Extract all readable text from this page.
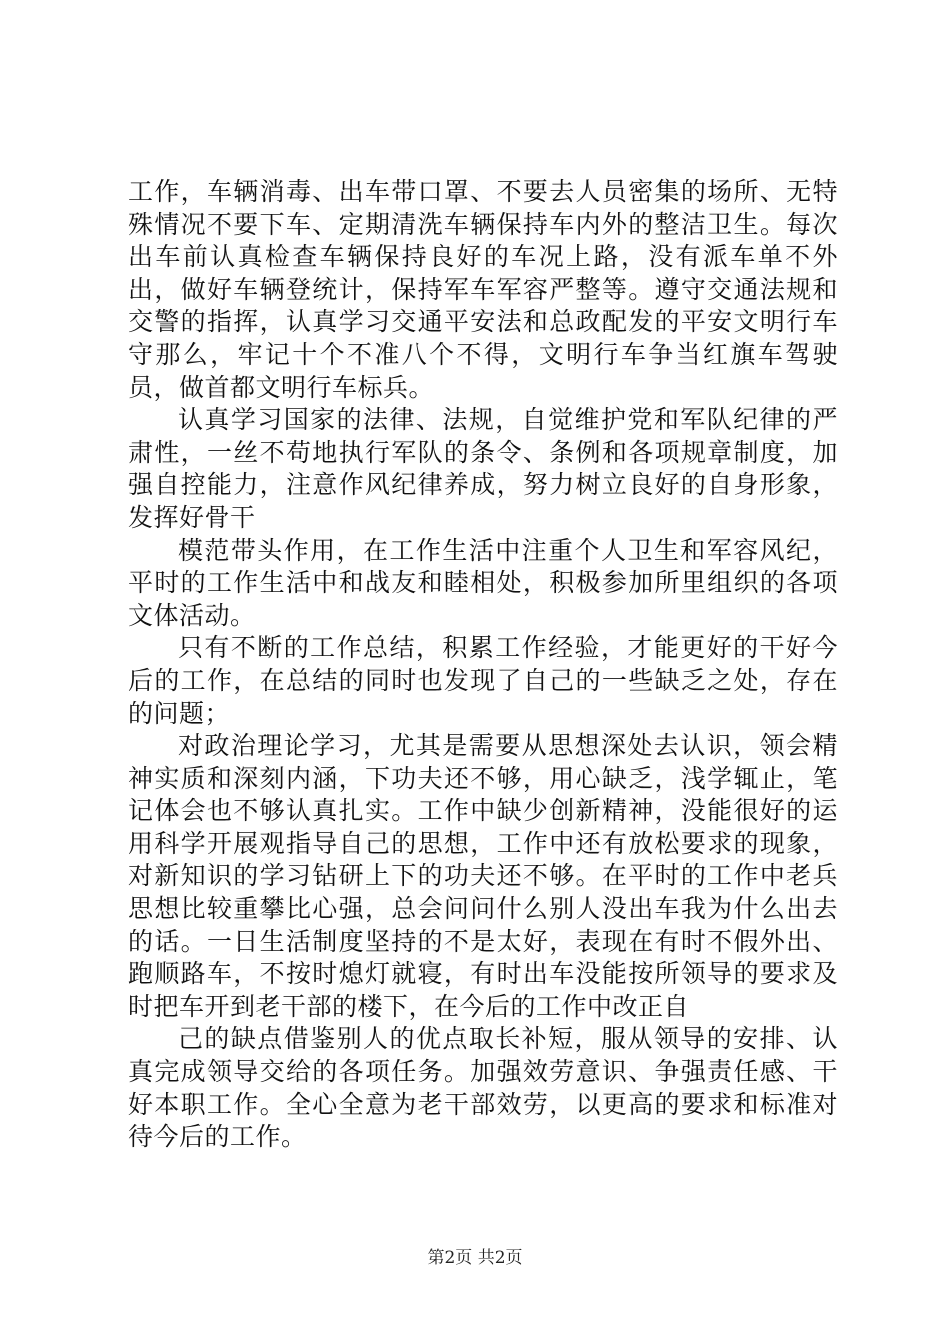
工作，车辆消毒、出车带口罩、不要去人员密集的场所、无特殊情况不要下车、定期清洗车辆保持车内外的整洁卫生。每次出车前认真检查车辆保持良好的车况上路，没有派车单不外出，做好车辆登统计，保持军车军容严整等。遵守交通法规和交警的指挥，认真学习交通平安法和总政配发的平安文明行车守那么，牢记十个不准八个不得，文明行车争当红旗车驾驶员，做首都文明行车标兵。

认真学习国家的法律、法规，自觉维护党和军队纪律的严肃性，一丝不苟地执行军队的条令、条例和各项规章制度，加强自控能力，注意作风纪律养成，努力树立良好的自身形象，发挥好骨干

模范带头作用，在工作生活中注重个人卫生和军容风纪，平时的工作生活中和战友和睦相处，积极参加所里组织的各项文体活动。

只有不断的工作总结，积累工作经验，才能更好的干好今后的工作，在总结的同时也发现了自己的一些缺乏之处，存在的问题；

对政治理论学习，尤其是需要从思想深处去认识，领会精神实质和深刻内涵，下功夫还不够，用心缺乏，浅学辄止，笔记体会也不够认真扎实。工作中缺少创新精神，没能很好的运用科学开展观指导自己的思想，工作中还有放松要求的现象，对新知识的学习钻研上下的功夫还不够。在平时的工作中老兵思想比较重攀比心强，总会问问什么别人没出车我为什么出去的话。一日生活制度坚持的不是太好，表现在有时不假外出、跑顺路车，不按时熄灯就寝，有时出车没能按所领导的要求及时把车开到老干部的楼下，在今后的工作中改正自

己的缺点借鉴别人的优点取长补短，服从领导的安排、认真完成领导交给的各项任务。加强效劳意识、争强责任感、干好本职工作。全心全意为老干部效劳，以更高的要求和标准对待今后的工作。

第2页 共2页
